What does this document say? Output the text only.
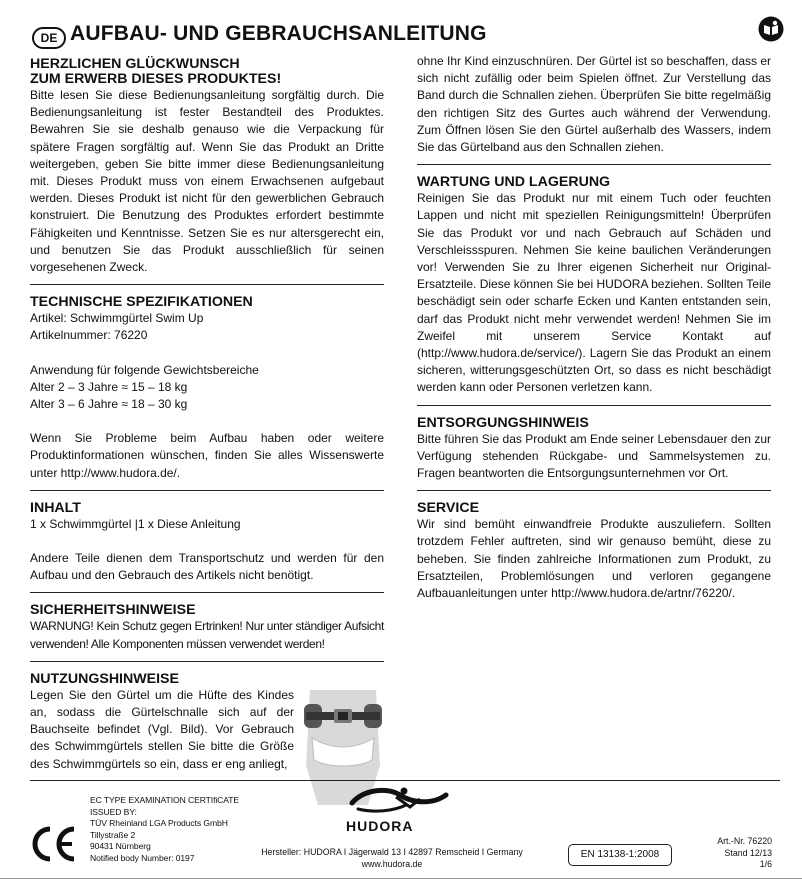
DE AUFBAU- UND GEBRAUCHSANLEITUNG
HERZLICHEN GLÜCKWUNSCH
ZUM ERWERB DIESES PRODUKTES!

Bitte lesen Sie diese Bedienungsanleitung sorgfältig durch. Die Bedienungsanleitung ist fester Bestandteil des Produktes. Bewahren Sie sie deshalb genauso wie die Verpackung für spätere Fragen sorgfältig auf. Wenn Sie das Produkt an Dritte weitergeben, geben Sie bitte immer diese Bedienungsanleitung mit. Dieses Produkt muss von einem Erwachsenen aufgebaut werden. Dieses Produkt ist nicht für den gewerblichen Gebrauch konstruiert. Die Benutzung des Produktes erfordert bestimmte Fähigkeiten und Kenntnisse. Setzen Sie es nur altersgerecht ein, und benutzen Sie das Produkt ausschließlich für seinen vorgesehenen Zweck.

TECHNISCHE SPEZIFIKATIONEN

Artikel: Schwimmgürtel Swim Up

Artikelnummer: 76220

Anwendung für folgende Gewichtsbereiche

Alter 2 – 3 Jahre ≈ 15 – 18 kg

Alter 3 – 6 Jahre ≈ 18 – 30 kg

Wenn Sie Probleme beim Aufbau haben oder weitere Produktinformationen wünschen, finden Sie alles Wissenswerte unter http://www.hudora.de/.

INHALT

1 x Schwimmgürtel |1 x Diese Anleitung

Andere Teile dienen dem Transportschutz und werden für den Aufbau und den Gebrauch des Artikels nicht benötigt.

SICHERHEITSHINWEISE

WARNUNG! Kein Schutz gegen Ertrinken! Nur unter ständiger Aufsicht verwenden! Alle Komponenten müssen verwendet werden!

NUTZUNGSHINWEISE

Legen Sie den Gürtel um die Hüfte des Kindes an, sodass die Gürtelschnalle sich auf der Bauchseite befindet (Vgl. Bild). Vor Gebrauch des Schwimmgürtels stellen Sie bitte die Größe des Schwimmgürtels so ein, dass er eng anliegt,

ohne Ihr Kind einzuschnüren. Der Gürtel ist so beschaffen, dass er sich nicht zufällig oder beim Spielen öffnet. Zur Verstellung das Band durch die Schnallen ziehen. Überprüfen Sie bitte regelmäßig den richtigen Sitz des Gurtes auch während der Verwendung. Zum Öffnen lösen Sie den Gürtel außerhalb des Wassers, indem Sie das Gürtelband aus den Schnallen ziehen.

WARTUNG UND LAGERUNG

Reinigen Sie das Produkt nur mit einem Tuch oder feuchten Lappen und nicht mit speziellen Reinigungsmitteln! Überprüfen Sie das Produkt vor und nach Gebrauch auf Schäden und Verschleissspuren. Nehmen Sie keine baulichen Veränderungen vor! Verwenden Sie zu Ihrer eigenen Sicherheit nur Original-Ersatzteile. Diese können Sie bei HUDORA beziehen. Sollten Teile beschädigt sein oder scharfe Ecken und Kanten entstanden sein, darf das Produkt nicht mehr verwendet werden! Nehmen Sie im Zweifel mit unserem Service Kontakt auf (http://www.hudora.de/service/). Lagern Sie das Produkt an einem sicheren, witterungsgeschützten Ort, so dass es nicht beschädigt werden kann oder Personen verletzen kann.

ENTSORGUNGSHINWEIS

Bitte führen Sie das Produkt am Ende seiner Lebensdauer den zur Verfügung stehenden Rückgabe- und Sammelsystemen zu. Fragen beantworten die Entsorgungsunternehmen vor Ort.

SERVICE

Wir sind bemüht einwandfreie Produkte auszuliefern. Sollten trotzdem Fehler auftreten, sind wir genauso bemüht, diese zu beheben. Sie finden zahlreiche Informationen zum Produkt, zu Ersatzteilen, Problemlösungen und verloren gegangene Aufbauanleitungen unter http://www.hudora.de/artnr/76220/.

EC TYPE EXAMINATION CERTIfiCATE
ISSUED BY:
TÜV Rheinland LGA Products GmbH
Tillystraße 2
90431 Nürnberg
Notified body Number: 0197
HUDORA
Hersteller: HUDORA I Jägerwald 13 I 42897 Remscheid I Germany
www.hudora.de
EN 13138-1:2008
Art.-Nr. 76220
Stand 12/13
1/6
